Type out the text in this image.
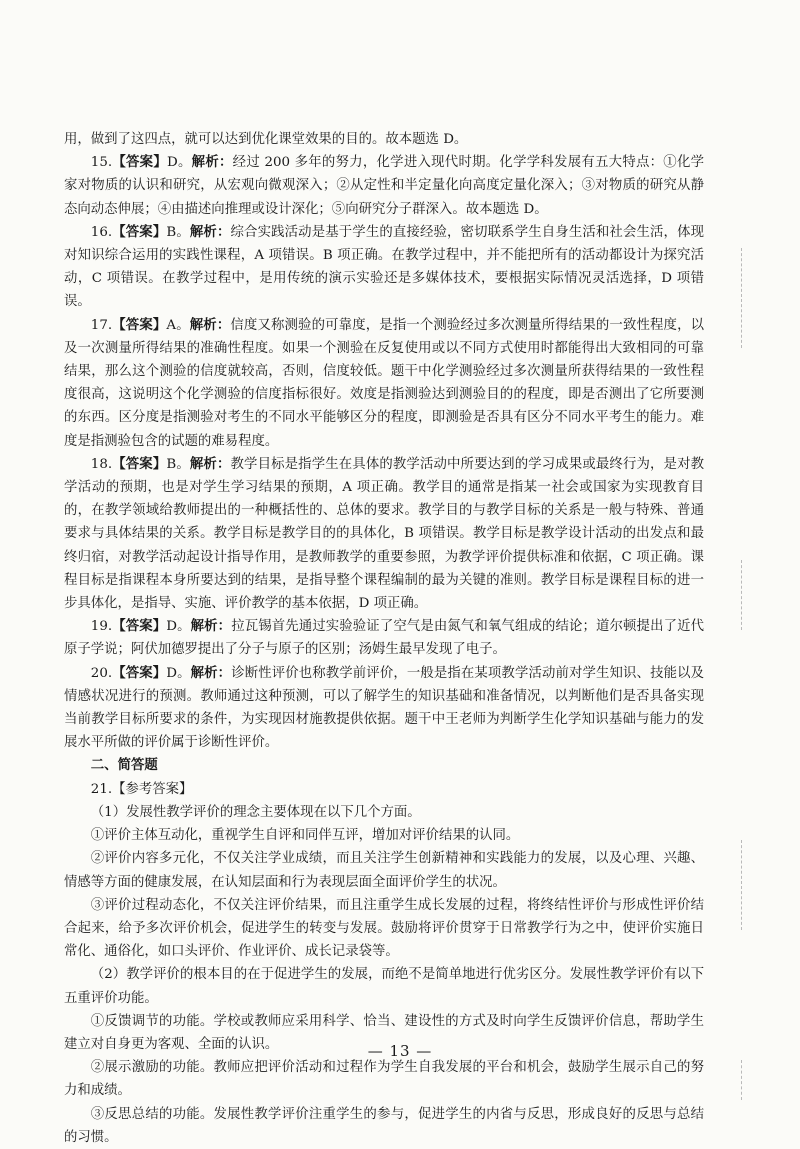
用，做到了这四点，就可以达到优化课堂效果的目的。故本题选 D。

15.【答案】D。解析：经过 200 多年的努力，化学进入现代时期。化学学科发展有五大特点：①化学家对物质的认识和研究，从宏观向微观深入；②从定性和半定量化向高度定量化深入；③对物质的研究从静态向动态伸展；④由描述向推理或设计深化；⑤向研究分子群深入。故本题选 D。

16.【答案】B。解析：综合实践活动是基于学生的直接经验，密切联系学生自身生活和社会生活，体现对知识综合运用的实践性课程，A 项错误。B 项正确。在教学过程中，并不能把所有的活动都设计为探究活动，C 项错误。在教学过程中，是用传统的演示实验还是多媒体技术，要根据实际情况灵活选择，D 项错误。

17.【答案】A。解析：信度又称测验的可靠度，是指一个测验经过多次测量所得结果的一致性程度，以及一次测量所得结果的准确性程度。如果一个测验在反复使用或以不同方式使用时都能得出大致相同的可靠结果，那么这个测验的信度就较高，否则，信度较低。题干中化学测验经过多次测量所获得结果的一致性程度很高，这说明这个化学测验的信度指标很好。效度是指测验达到测验目的的程度，即是否测出了它所要测的东西。区分度是指测验对考生的不同水平能够区分的程度，即测验是否具有区分不同水平考生的能力。难度是指测验包含的试题的难易程度。

18.【答案】B。解析：教学目标是指学生在具体的教学活动中所要达到的学习成果或最终行为，是对教学活动的预期，也是对学生学习结果的预期，A 项正确。教学目的通常是指某一社会或国家为实现教育目的，在教学领域给教师提出的一种概括性的、总体的要求。教学目的与教学目标的关系是一般与特殊、普通要求与具体结果的关系。教学目标是教学目的的具体化，B 项错误。教学目标是教学设计活动的出发点和最终归宿，对教学活动起设计指导作用，是教师教学的重要参照，为教学评价提供标准和依据，C 项正确。课程目标是指课程本身所要达到的结果，是指导整个课程编制的最为关键的准则。教学目标是课程目标的进一步具体化，是指导、实施、评价教学的基本依据，D 项正确。

19.【答案】D。解析：拉瓦锡首先通过实验验证了空气是由氮气和氧气组成的结论；道尔顿提出了近代原子学说；阿伏加德罗提出了分子与原子的区别；汤姆生最早发现了电子。

20.【答案】D。解析：诊断性评价也称教学前评价，一般是指在某项教学活动前对学生知识、技能以及情感状况进行的预测。教师通过这种预测，可以了解学生的知识基础和准备情况，以判断他们是否具备实现当前教学目标所要求的条件，为实现因材施教提供依据。题干中王老师为判断学生化学知识基础与能力的发展水平所做的评价属于诊断性评价。

二、简答题

21.【参考答案】

（1）发展性教学评价的理念主要体现在以下几个方面。

①评价主体互动化，重视学生自评和同伴互评，增加对评价结果的认同。

②评价内容多元化，不仅关注学业成绩，而且关注学生创新精神和实践能力的发展，以及心理、兴趣、情感等方面的健康发展，在认知层面和行为表现层面全面评价学生的状况。

③评价过程动态化，不仅关注评价结果，而且注重学生成长发展的过程，将终结性评价与形成性评价结合起来，给予多次评价机会，促进学生的转变与发展。鼓励将评价贯穿于日常教学行为之中，使评价实施日常化、通俗化，如口头评价、作业评价、成长记录袋等。

（2）教学评价的根本目的在于促进学生的发展，而绝不是简单地进行优劣区分。发展性教学评价有以下五重评价功能。

①反馈调节的功能。学校或教师应采用科学、恰当、建设性的方式及时向学生反馈评价信息，帮助学生建立对自身更为客观、全面的认识。

②展示激励的功能。教师应把评价活动和过程作为学生自我发展的平台和机会，鼓励学生展示自己的努力和成绩。

③反思总结的功能。发展性教学评价注重学生的参与，促进学生的内省与反思，形成良好的反思与总结的习惯。

— 13 —
